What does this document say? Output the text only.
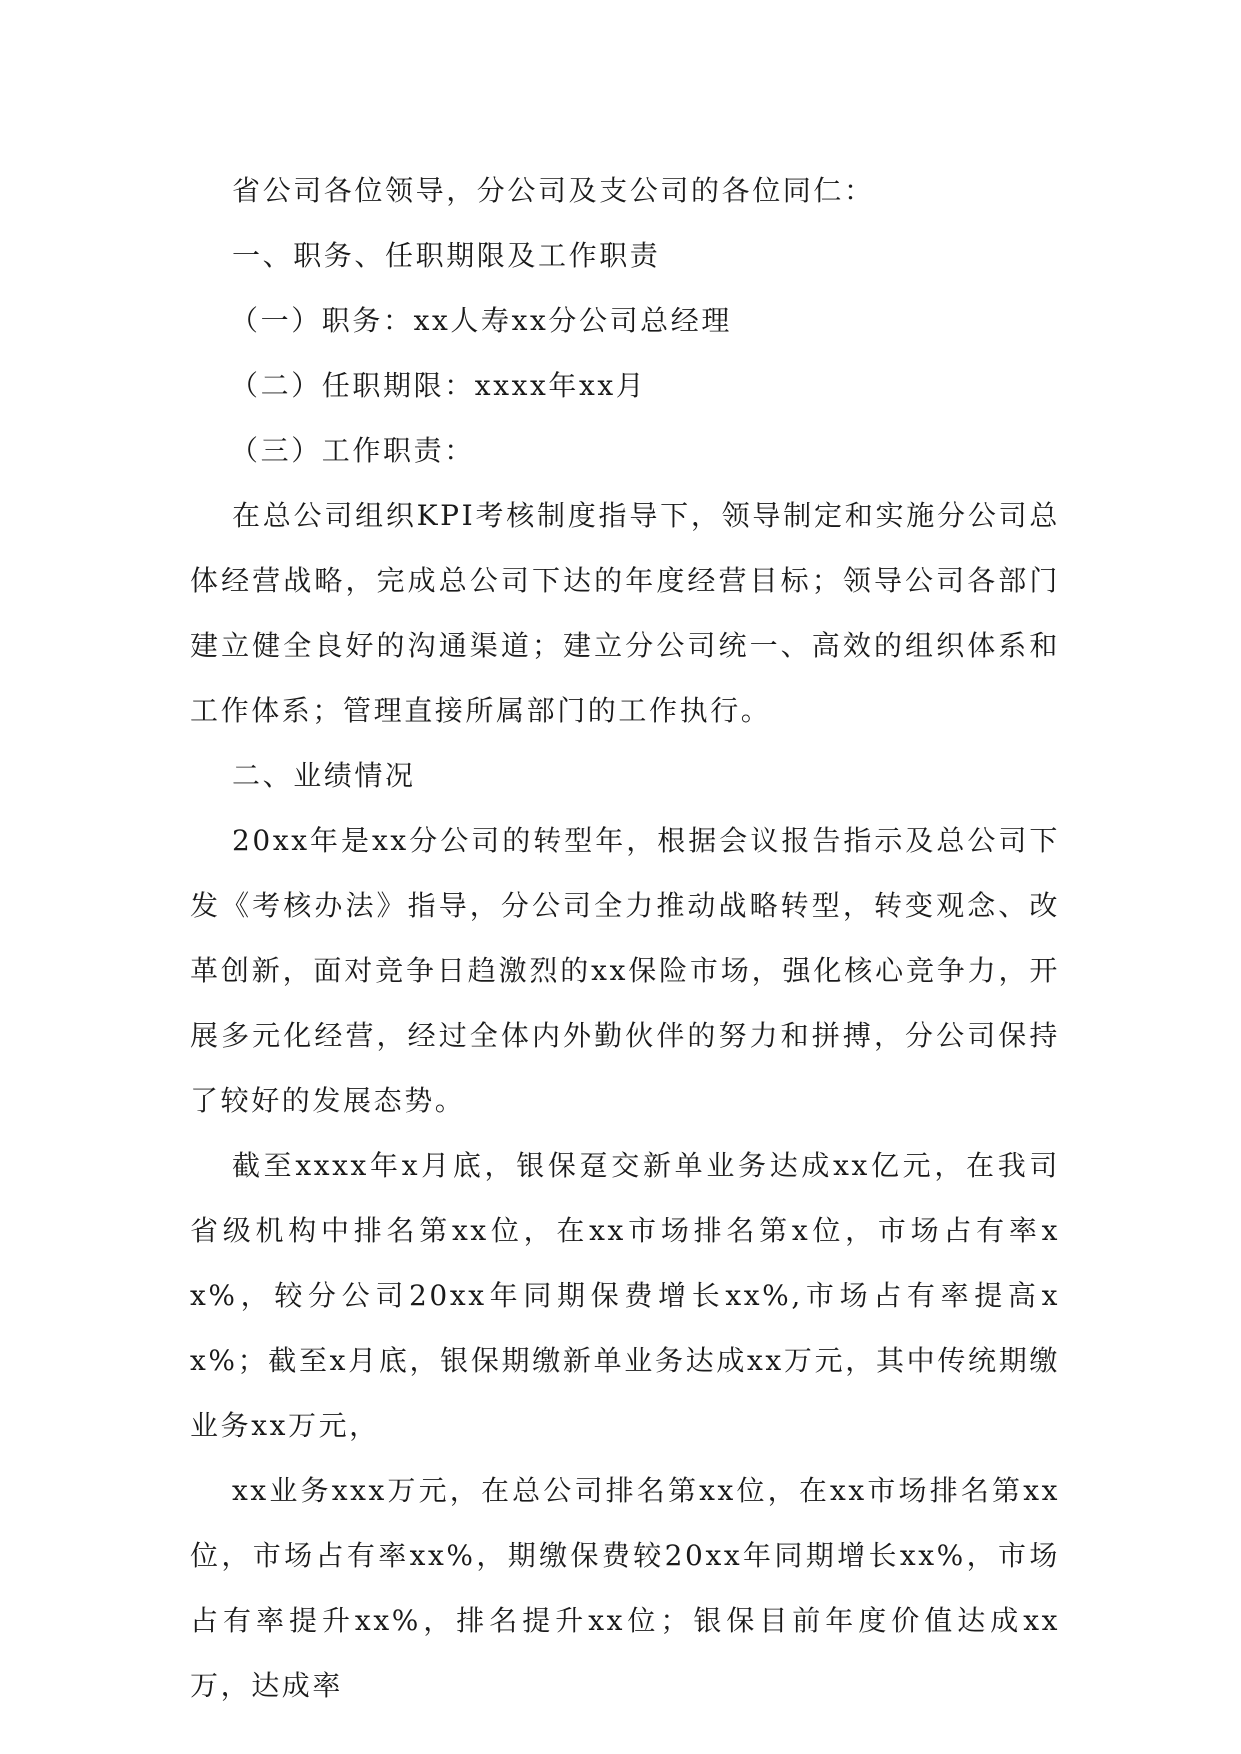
省公司各位领导，分公司及支公司的各位同仁：

一、职务、任职期限及工作职责

（一）职务：xx人寿xx分公司总经理

（二）任职期限：xxxx年xx月

（三）工作职责：

在总公司组织KPI考核制度指导下，领导制定和实施分公司总体经营战略，完成总公司下达的年度经营目标；领导公司各部门建立健全良好的沟通渠道；建立分公司统一、高效的组织体系和工作体系；管理直接所属部门的工作执行。

二、业绩情况

20xx年是xx分公司的转型年，根据会议报告指示及总公司下发《考核办法》指导，分公司全力推动战略转型，转变观念、改革创新，面对竞争日趋激烈的xx保险市场，强化核心竞争力，开展多元化经营，经过全体内外勤伙伴的努力和拼搏，分公司保持了较好的发展态势。

截至xxxx年x月底，银保趸交新单业务达成xx亿元，在我司省级机构中排名第xx位，在xx市场排名第x位，市场占有率xx%，较分公司20xx年同期保费增长xx%,市场占有率提高xx%；截至x月底，银保期缴新单业务达成xx万元，其中传统期缴业务xx万元，

xx业务xxx万元，在总公司排名第xx位，在xx市场排名第xx位，市场占有率xx%，期缴保费较20xx年同期增长xx%，市场占有率提升xx%，排名提升xx位；银保目前年度价值达成xx万，达成率
